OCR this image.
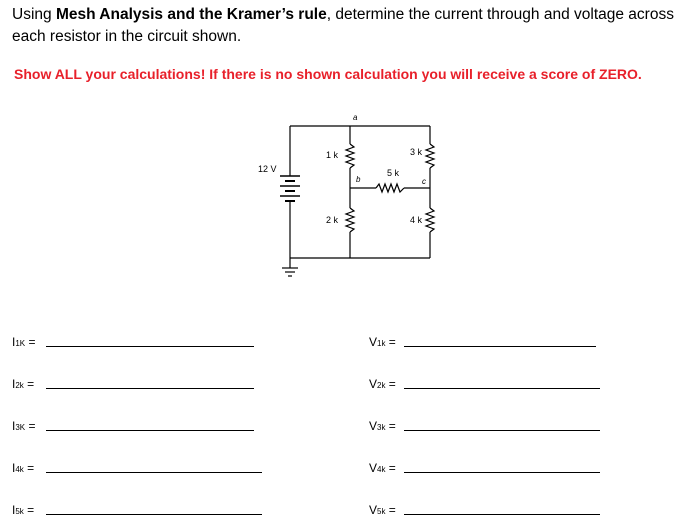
Using Mesh Analysis and the Kramer’s rule, determine the current through and voltage across each resistor in the circuit shown.
Show ALL your calculations! If there is no shown calculation you will receive a score of ZERO.
12 V
1 k
2 k
3 k
4 k
5 k
a
b	c
I1K =
I2k =
I3K =
I4k =
I5k =
V1k =
V2k =
V3k =
V4k =
V5k =
